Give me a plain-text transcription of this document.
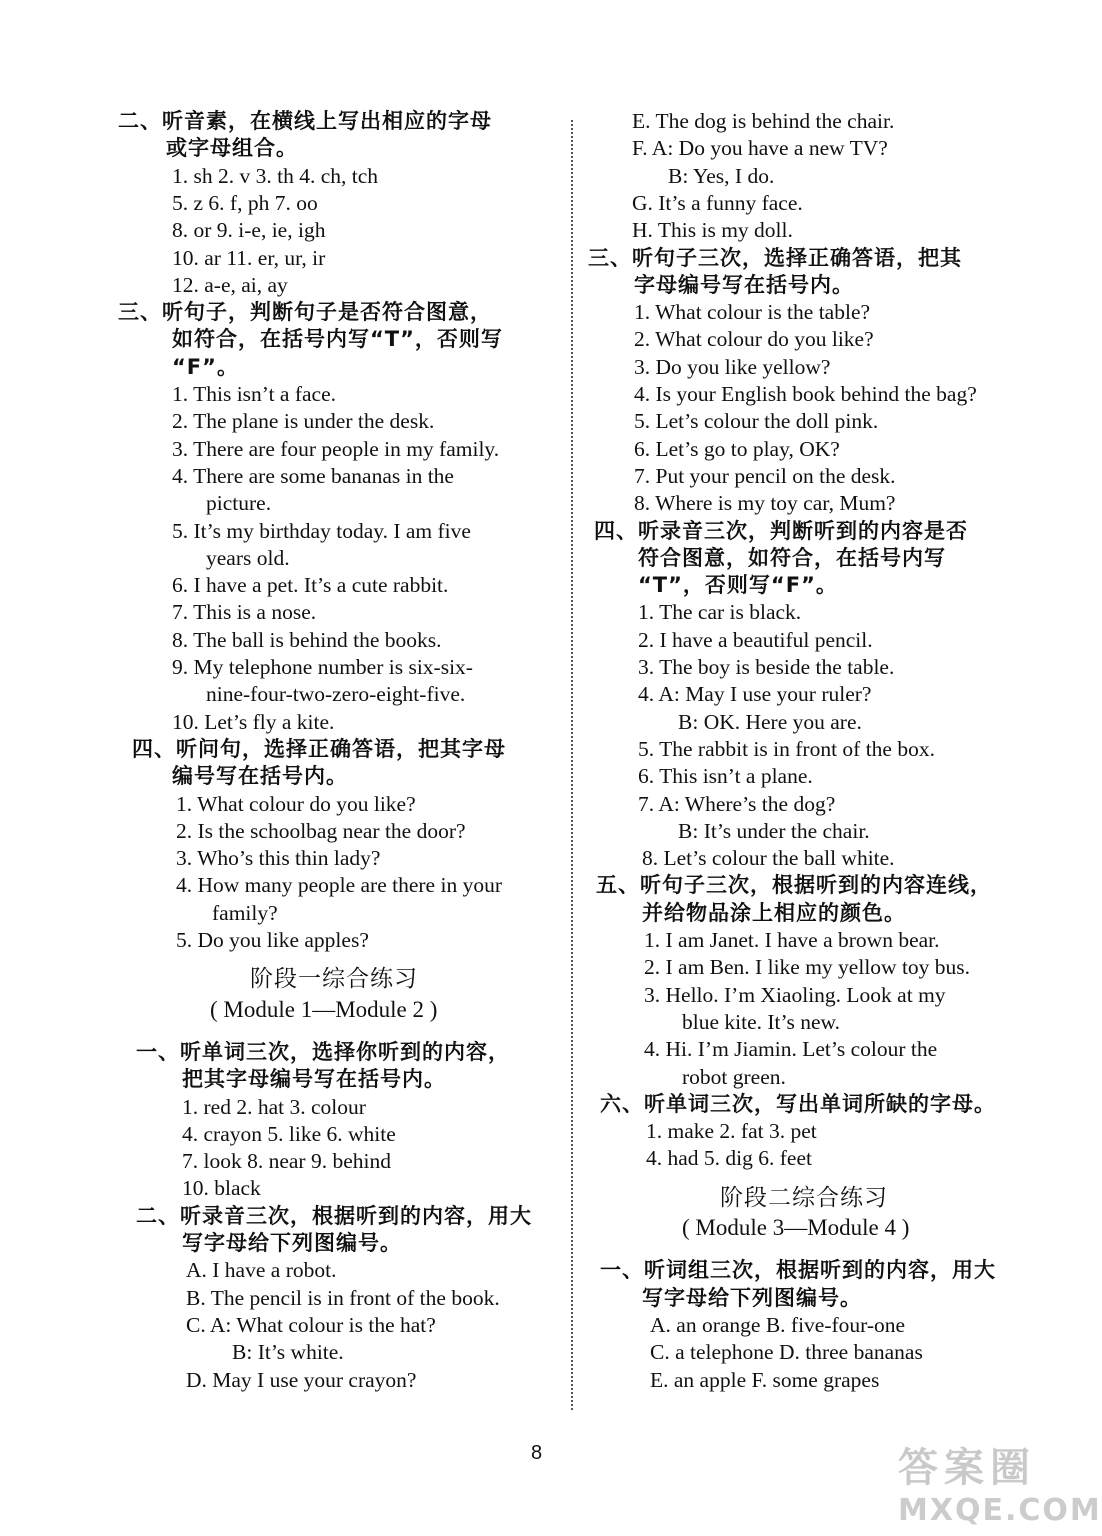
二、听音素，在横线上写出相应的字母
或字母组合。
1. sh 2. v 3. th 4. ch, tch
5. z 6. f, ph 7. oo
8. or 9. i-e, ie, igh
10. ar 11. er, ur, ir
12. a-e, ai, ay
三、听句子，判断句子是否符合图意，
如符合，在括号内写“T”，否则写
“F”。
1. This isn’t a face.
2. The plane is under the desk.
3. There are four people in my family.
4. There are some bananas in the
picture.
5. It’s my birthday today. I am five
years old.
6. I have a pet. It’s a cute rabbit.
7. This is a nose.
8. The ball is behind the books.
9. My telephone number is six-six-
nine-four-two-zero-eight-five.
10. Let’s fly a kite.
四、听问句，选择正确答语，把其字母
编号写在括号内。
1. What colour do you like?
2. Is the schoolbag near the door?
3. Who’s this thin lady?
4. How many people are there in your
family?
5. Do you like apples?
阶段一综合练习
( Module 1—Module 2 )
一、听单词三次，选择你听到的内容，
把其字母编号写在括号内。
1. red 2. hat 3. colour
4. crayon 5. like 6. white
7. look 8. near 9. behind
10. black
二、听录音三次，根据听到的内容，用大
写字母给下列图编号。
A. I have a robot.
B. The pencil is in front of the book.
C. A: What colour is the hat?
B: It’s white.
D. May I use your crayon?
E. The dog is behind the chair.
F. A: Do you have a new TV?
B: Yes, I do.
G. It’s a funny face.
H. This is my doll.
三、听句子三次，选择正确答语，把其
字母编号写在括号内。
1. What colour is the table?
2. What colour do you like?
3. Do you like yellow?
4. Is your English book behind the bag?
5. Let’s colour the doll pink.
6. Let’s go to play, OK?
7. Put your pencil on the desk.
8. Where is my toy car, Mum?
四、听录音三次，判断听到的内容是否
符合图意，如符合，在括号内写
“T”，否则写“F”。
1. The car is black.
2. I have a beautiful pencil.
3. The boy is beside the table.
4. A: May I use your ruler?
B: OK. Here you are.
5. The rabbit is in front of the box.
6. This isn’t a plane.
7. A: Where’s the dog?
B: It’s under the chair.
8. Let’s colour the ball white.
五、听句子三次，根据听到的内容连线，
并给物品涂上相应的颜色。
1. I am Janet. I have a brown bear.
2. I am Ben. I like my yellow toy bus.
3. Hello. I’m Xiaoling. Look at my
blue kite. It’s new.
4. Hi. I’m Jiamin. Let’s colour the
robot green.
六、听单词三次，写出单词所缺的字母。
1. make 2. fat 3. pet
4. had 5. dig 6. feet
阶段二综合练习
( Module 3—Module 4 )
一、听词组三次，根据听到的内容，用大
写字母给下列图编号。
A. an orange B. five-four-one
C. a telephone D. three bananas
E. an apple F. some grapes
8	答案圈
MXQE.COM
